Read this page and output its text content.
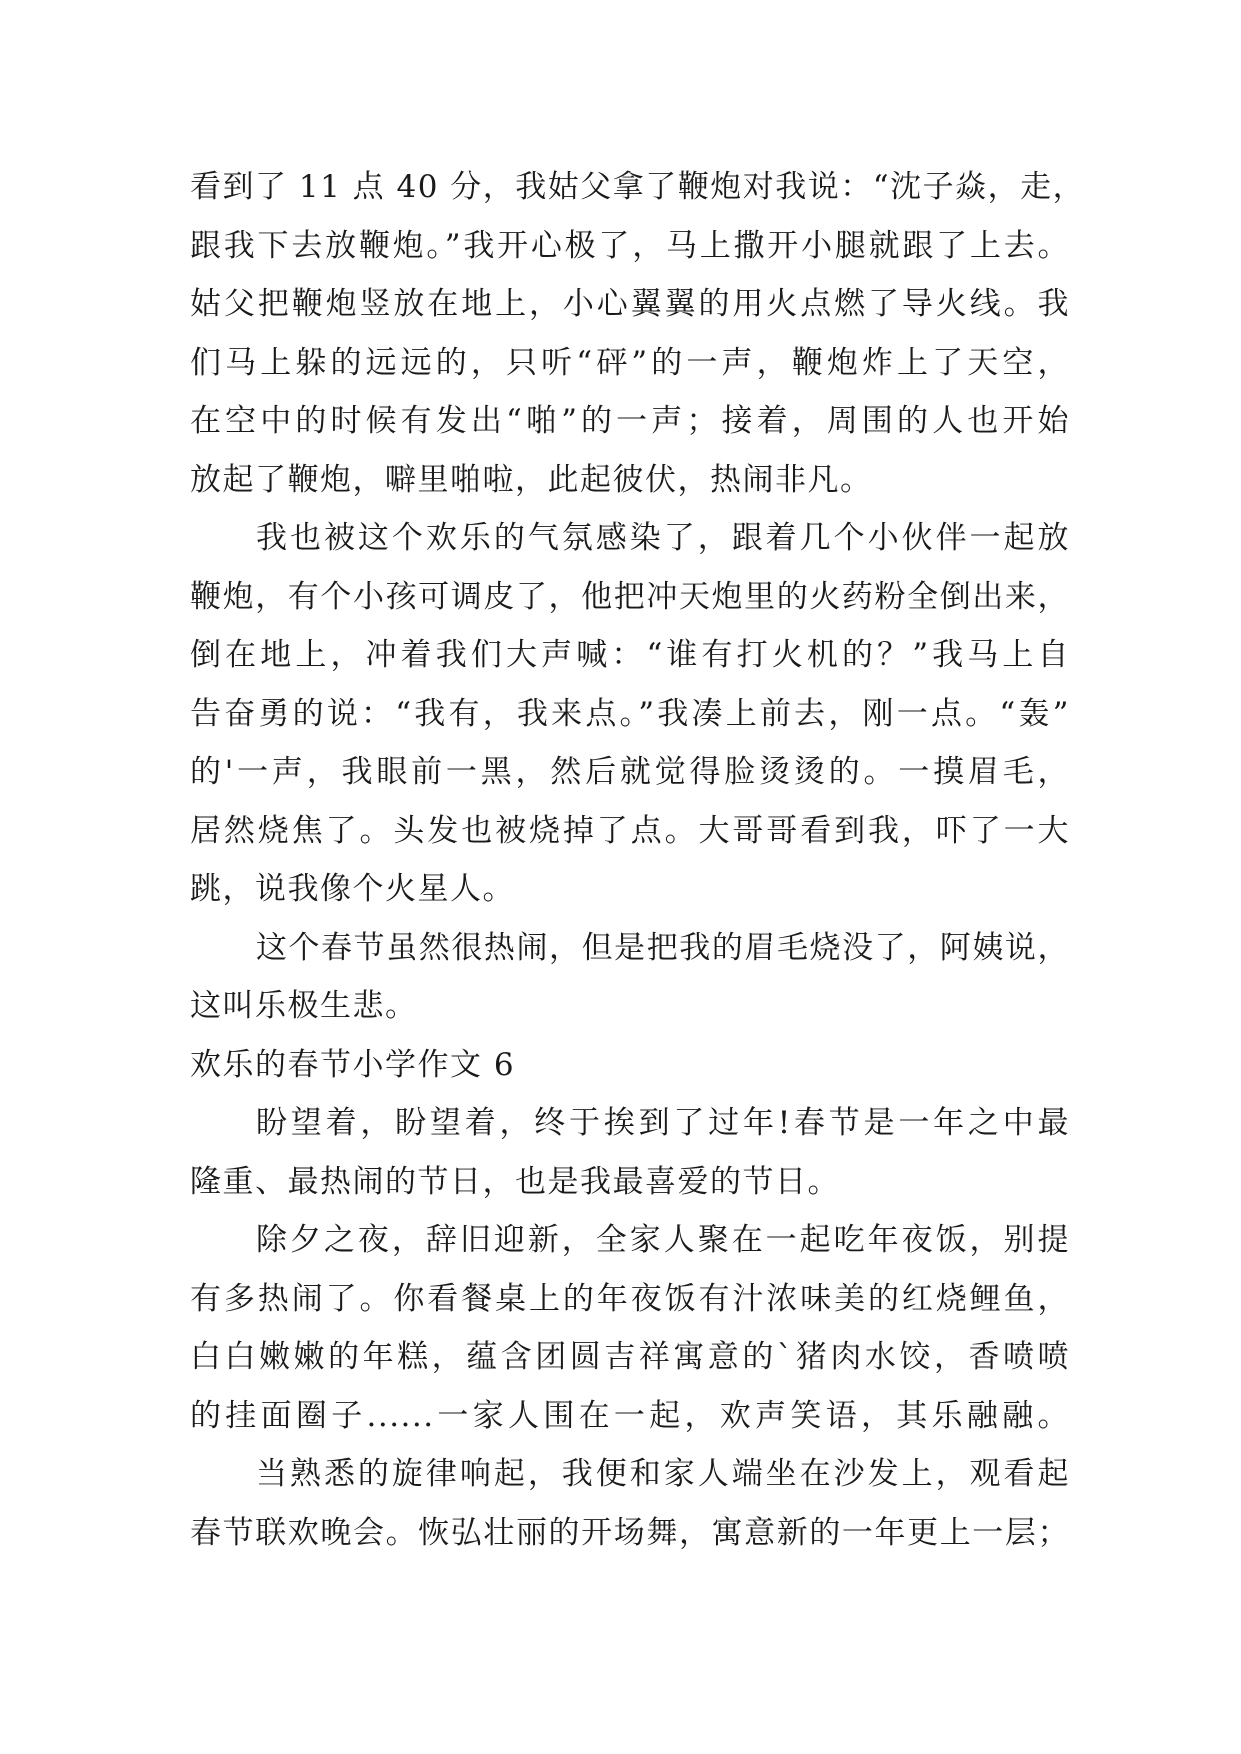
看到了 11 点 40 分，我姑父拿了鞭炮对我说：“沈子焱，走，
跟我下去放鞭炮。”我开心极了，马上撒开小腿就跟了上去。
姑父把鞭炮竖放在地上，小心翼翼的用火点燃了导火线。我
们马上躲的远远的，只听“砰”的一声，鞭炮炸上了天空，
在空中的时候有发出“啪”的一声；接着，周围的人也开始
放起了鞭炮，噼里啪啦，此起彼伏，热闹非凡。
我也被这个欢乐的气氛感染了，跟着几个小伙伴一起放
鞭炮，有个小孩可调皮了，他把冲天炮里的火药粉全倒出来，
倒在地上，冲着我们大声喊：“谁有打火机的？”我马上自
告奋勇的说：“我有，我来点。”我凑上前去，刚一点。“轰”
的'一声，我眼前一黑，然后就觉得脸烫烫的。一摸眉毛，
居然烧焦了。头发也被烧掉了点。大哥哥看到我，吓了一大
跳，说我像个火星人。
这个春节虽然很热闹，但是把我的眉毛烧没了，阿姨说，
这叫乐极生悲。
欢乐的春节小学作文 6
盼望着，盼望着，终于挨到了过年!春节是一年之中最
隆重、最热闹的节日，也是我最喜爱的节日。
除夕之夜，辞旧迎新，全家人聚在一起吃年夜饭，别提
有多热闹了。你看餐桌上的年夜饭有汁浓味美的红烧鲤鱼，
白白嫩嫩的年糕，蕴含团圆吉祥寓意的`猪肉水饺，香喷喷
的挂面圈子......一家人围在一起，欢声笑语，其乐融融。
当熟悉的旋律响起，我便和家人端坐在沙发上，观看起
春节联欢晚会。恢弘壮丽的开场舞，寓意新的一年更上一层；
